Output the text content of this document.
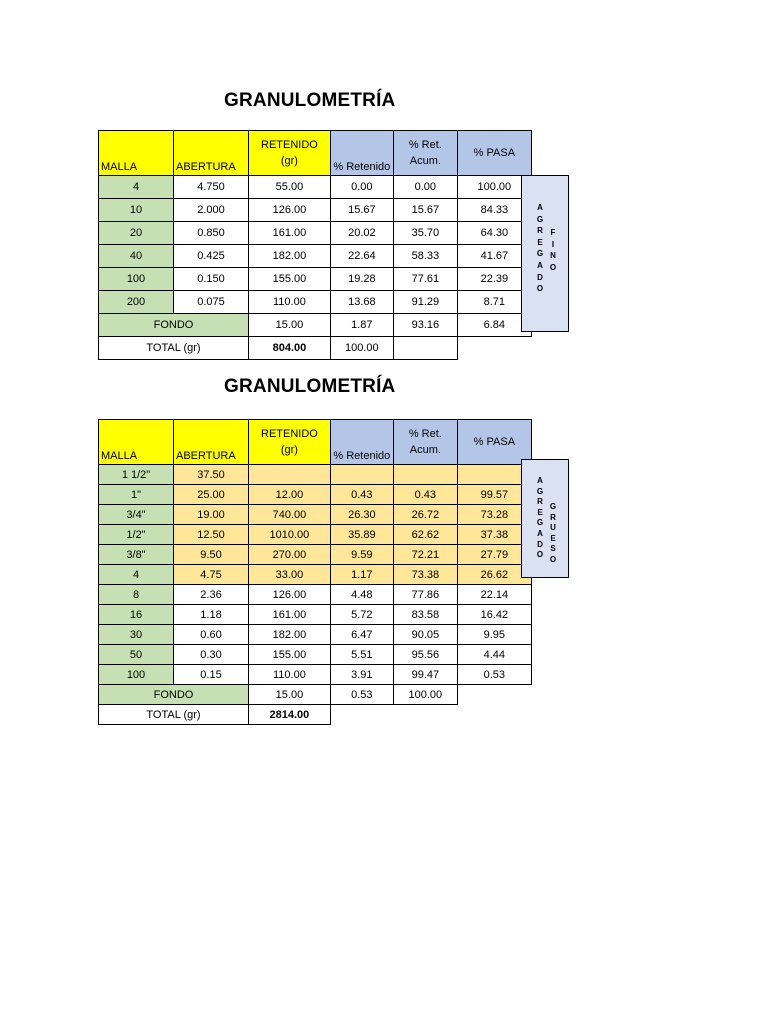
GRANULOMETRÍA
MALLA	ABERTURA	RETENIDO (gr)	% Retenido	% Ret. Acum.	% PASA
4	4.750	55.00	0.00	0.00	100.00
10	2.000	126.00	15.67	15.67	84.33
20	0.850	161.00	20.02	35.70	64.30
40	0.425	182.00	22.64	58.33	41.67
100	0.150	155.00	19.28	77.61	22.39
200	0.075	110.00	13.68	91.29	8.71
FONDO		15.00	1.87	93.16	6.84
TOTAL (gr)		804.00	100.00		
A
G
R
E
G
A
D
O
F
I
N
O
GRANULOMETRÍA
MALLA	ABERTURA	RETENIDO (gr)	% Retenido	% Ret. Acum.	% PASA
1 1/2"	37.50				
1"	25.00	12.00	0.43	0.43	99.57
3/4"	19.00	740.00	26.30	26.72	73.28
1/2"	12.50	1010.00	35.89	62.62	37.38
3/8"	9.50	270.00	9.59	72.21	27.79
4	4.75	33.00	1.17	73.38	26.62
8	2.36	126.00	4.48	77.86	22.14
16	1.18	161.00	5.72	83.58	16.42
30	0.60	182.00	6.47	90.05	9.95
50	0.30	155.00	5.51	95.56	4.44
100	0.15	110.00	3.91	99.47	0.53
FONDO		15.00	0.53	100.00	
TOTAL (gr)		2814.00			
A
G
R
E
G
A
D
O
G
R
U
E
S
O
